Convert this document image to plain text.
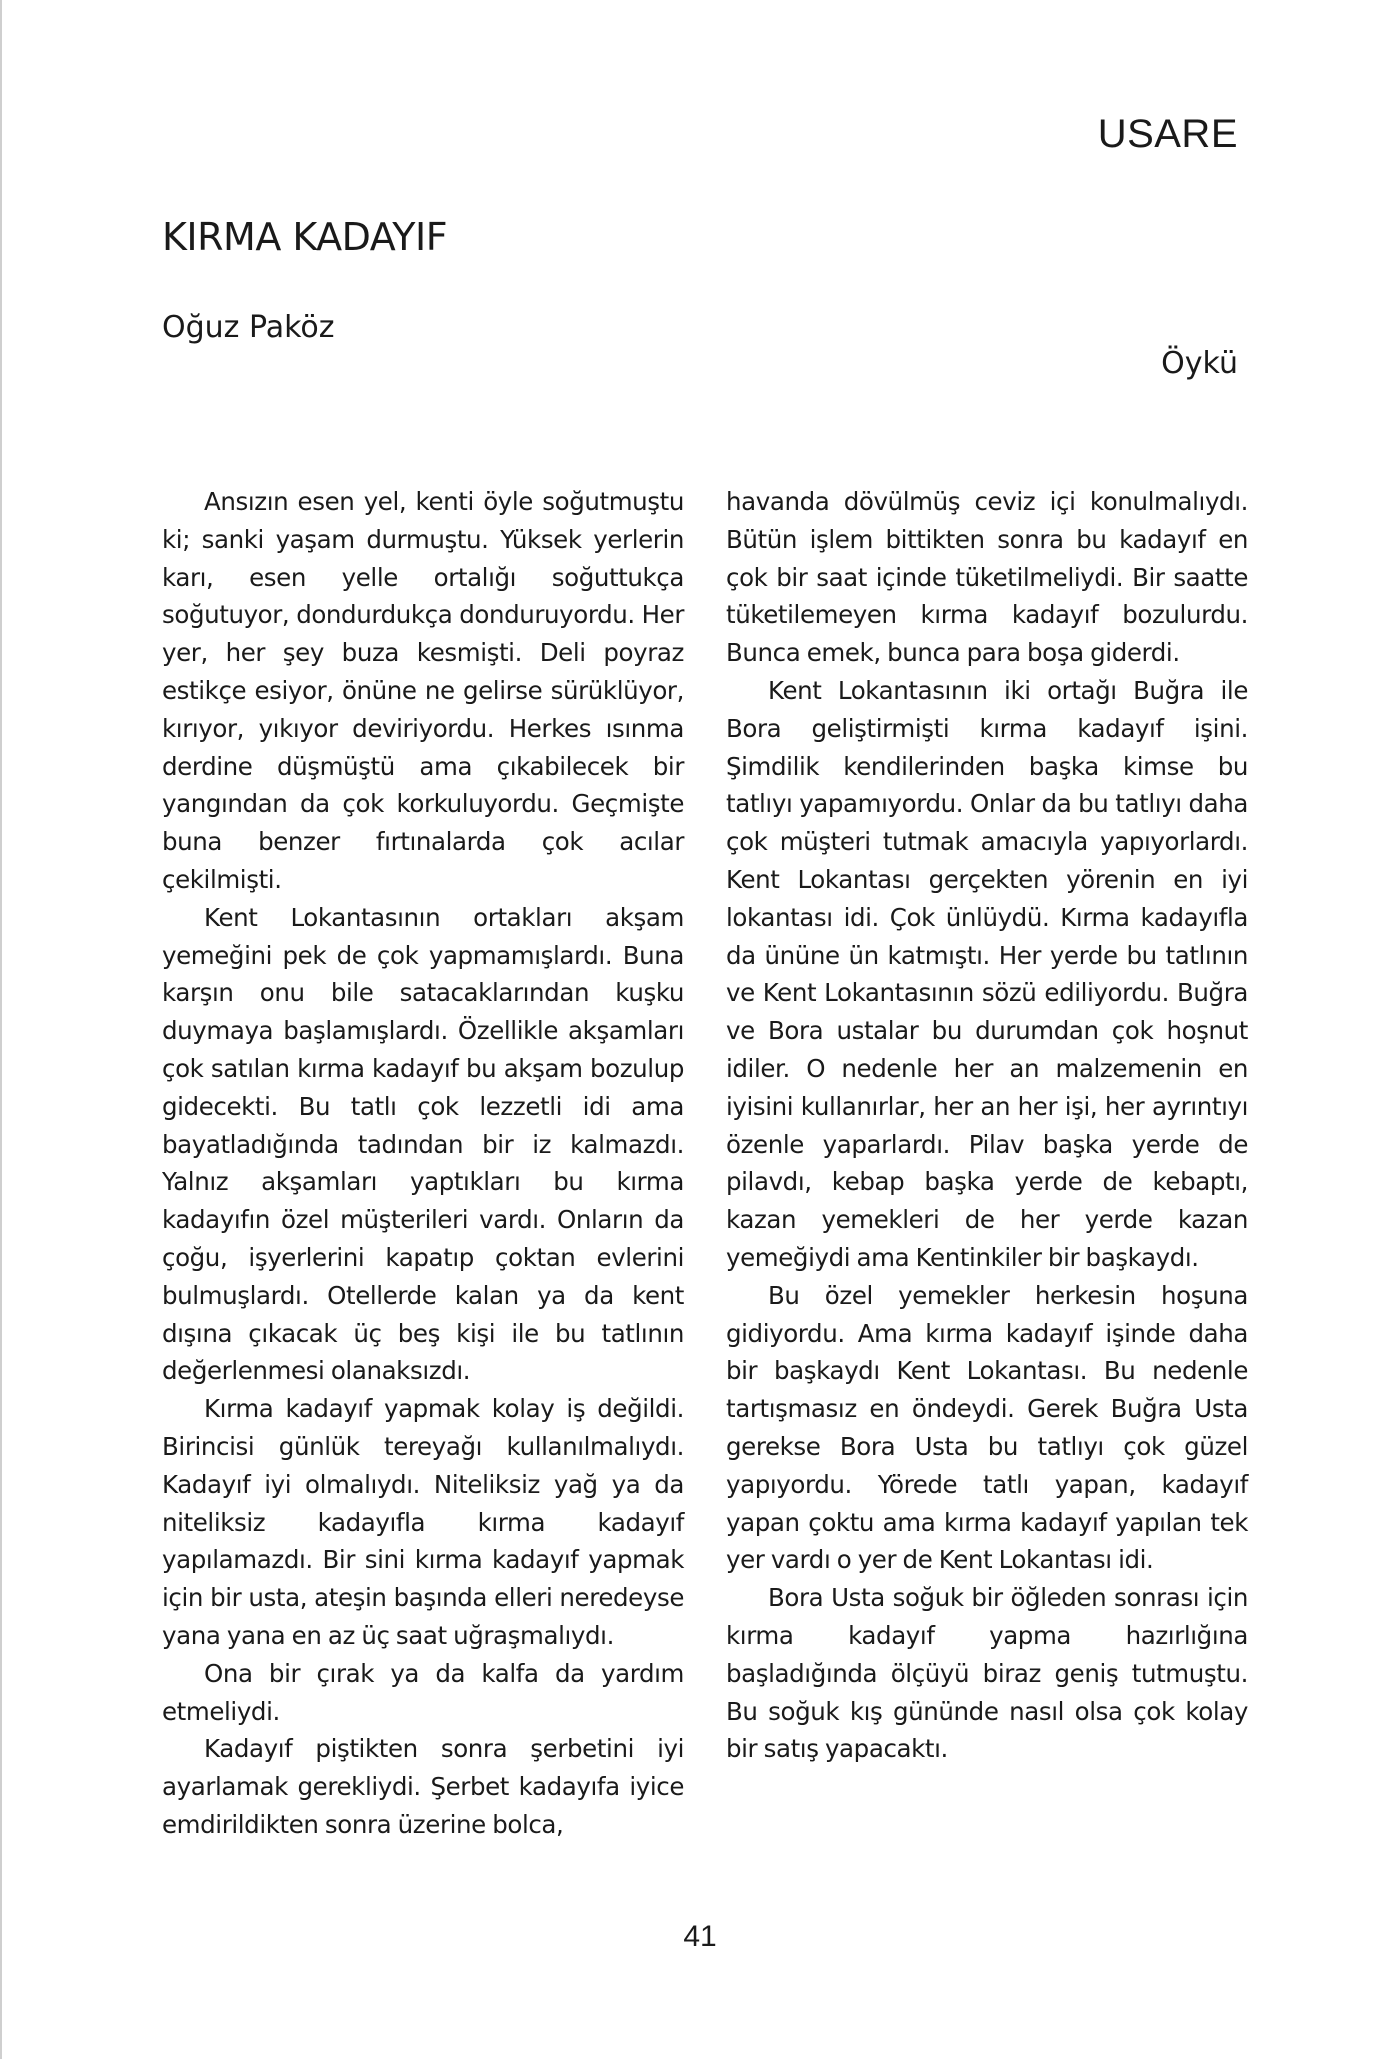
USARE
KIRMA KADAYIF
Oğuz Paköz
Öykü

Ansızın esen yel, kenti öyle soğutmuştu ki; sanki yaşam durmuştu. Yüksek yerlerin karı, esen yelle ortalığı soğuttukça soğutuyor, dondurdukça donduruyordu. Her yer, her şey buza kesmişti. Deli poyraz estikçe esiyor, önüne ne gelirse sürüklüyor, kırıyor, yıkıyor deviriyordu. Herkes ısınma derdine düşmüştü ama çıkabilecek bir yangından da çok korkuluyordu. Geçmişte buna benzer fırtınalarda çok acılar çekilmişti.

Kent Lokantasının ortakları akşam yemeğini pek de çok yapmamışlardı. Buna karşın onu bile satacaklarından kuşku duymaya başlamışlardı. Özellikle akşamları çok satılan kırma kadayıf bu akşam bozulup gidecekti. Bu tatlı çok lezzetli idi ama bayatladığında tadından bir iz kalmazdı. Yalnız akşamları yaptıkları bu kırma kadayıfın özel müşterileri vardı. Onların da çoğu, işyerlerini kapatıp çoktan evlerini bulmuşlardı. Otellerde kalan ya da kent dışına çıkacak üç beş kişi ile bu tatlının değerlenmesi olanaksızdı.

Kırma kadayıf yapmak kolay iş değildi. Birincisi günlük tereyağı kullanılmalıydı. Kadayıf iyi olmalıydı. Niteliksiz yağ ya da niteliksiz kadayıfla kırma kadayıf yapılamazdı. Bir sini kırma kadayıf yapmak için bir usta, ateşin başında elleri neredeyse yana yana en az üç saat uğraşmalıydı.

Ona bir çırak ya da kalfa da yardım etmeliydi.

Kadayıf piştikten sonra şerbetini iyi ayarlamak gerekliydi. Şerbet kadayıfa iyice emdirildikten sonra üzerine bolca,

havanda dövülmüş ceviz içi konulmalıydı. Bütün işlem bittikten sonra bu kadayıf en çok bir saat içinde tüketilmeliydi. Bir saatte tüketilemeyen kırma kadayıf bozulurdu. Bunca emek, bunca para boşa giderdi.

Kent Lokantasının iki ortağı Buğra ile Bora geliştirmişti kırma kadayıf işini. Şimdilik kendilerinden başka kimse bu tatlıyı yapamıyordu. Onlar da bu tatlıyı daha çok müşteri tutmak amacıyla yapıyorlardı. Kent Lokantası gerçekten yörenin en iyi lokantası idi. Çok ünlüydü. Kırma kadayıfla da ününe ün katmıştı. Her yerde bu tatlının ve Kent Lokantasının sözü ediliyordu. Buğra ve Bora ustalar bu durumdan çok hoşnut idiler. O nedenle her an malzemenin en iyisini kullanırlar, her an her işi, her ayrıntıyı özenle yaparlardı. Pilav başka yerde de pilavdı, kebap başka yerde de kebaptı, kazan yemekleri de her yerde kazan yemeğiydi ama Kentinkiler bir başkaydı.

Bu özel yemekler herkesin hoşuna gidiyordu. Ama kırma kadayıf işinde daha bir başkaydı Kent Lokantası. Bu nedenle tartışmasız en öndeydi. Gerek Buğra Usta gerekse Bora Usta bu tatlıyı çok güzel yapıyordu. Yörede tatlı yapan, kadayıf yapan çoktu ama kırma kadayıf yapılan tek yer vardı o yer de Kent Lokantası idi.

Bora Usta soğuk bir öğleden sonrası için kırma kadayıf yapma hazırlığına başladığında ölçüyü biraz geniş tutmuştu. Bu soğuk kış gününde nasıl olsa çok kolay bir satış yapacaktı.

41
